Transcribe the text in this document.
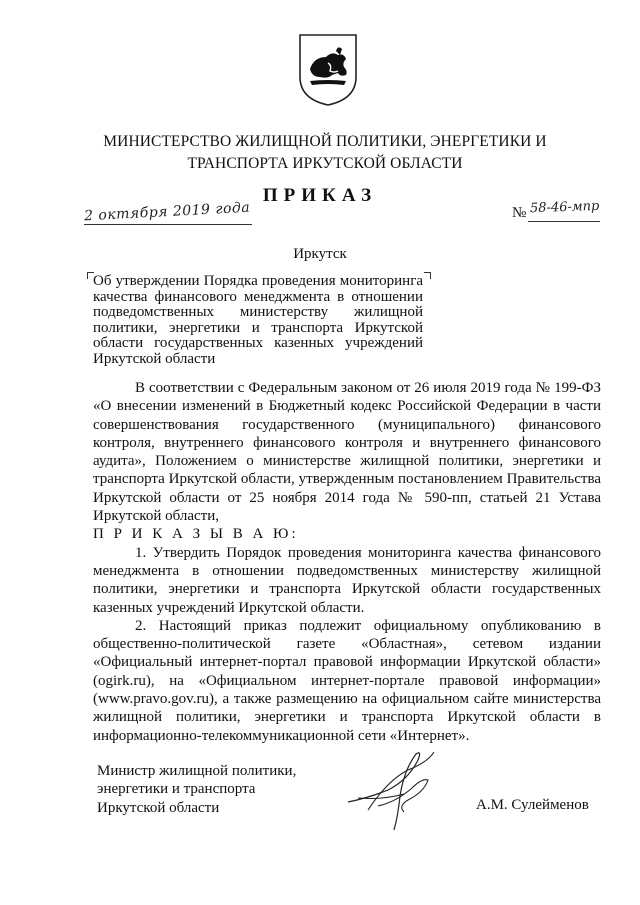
МИНИСТЕРСТВО ЖИЛИЩНОЙ ПОЛИТИКИ, ЭНЕРГЕТИКИ И
ТРАНСПОРТА ИРКУТСКОЙ ОБЛАСТИ
ПРИКАЗ
2 октября 2019 года	№ 58-46-мпр
Иркутск
Об утверждении Порядка проведения мониторинга качества финансового менеджмента в отношении подведомственных министерству жилищной политики, энергетики и транспорта Иркутской области государственных казенных учреждений Иркутской области

В соответствии с Федеральным законом от 26 июля 2019 года № 199-ФЗ «О внесении изменений в Бюджетный кодекс Российской Федерации в части совершенствования государственного (муниципального) финансового контроля, внутреннего финансового контроля и внутреннего финансового аудита», Положением о министерстве жилищной политики, энергетики и транспорта Иркутской области, утвержденным постановлением Правительства Иркутской области от 25 ноября 2014 года № 590-пп, статьей 21 Устава Иркутской области,

П Р И К А З Ы В А Ю:

1. Утвердить Порядок проведения мониторинга качества финансового менеджмента в отношении подведомственных министерству жилищной политики, энергетики и транспорта Иркутской области государственных казенных учреждений Иркутской области.

2. Настоящий приказ подлежит официальному опубликованию в общественно-политической газете «Областная», сетевом издании «Официальный интернет-портал правовой информации Иркутской области» (ogirk.ru), на «Официальном интернет-портале правовой информации» (www.pravo.gov.ru), а также размещению на официальном сайте министерства жилищной политики, энергетики и транспорта Иркутской области в информационно-телекоммуникационной сети «Интернет».

Министр жилищной политики,
энергетики и транспорта
Иркутской области	А.М. Сулейменов
